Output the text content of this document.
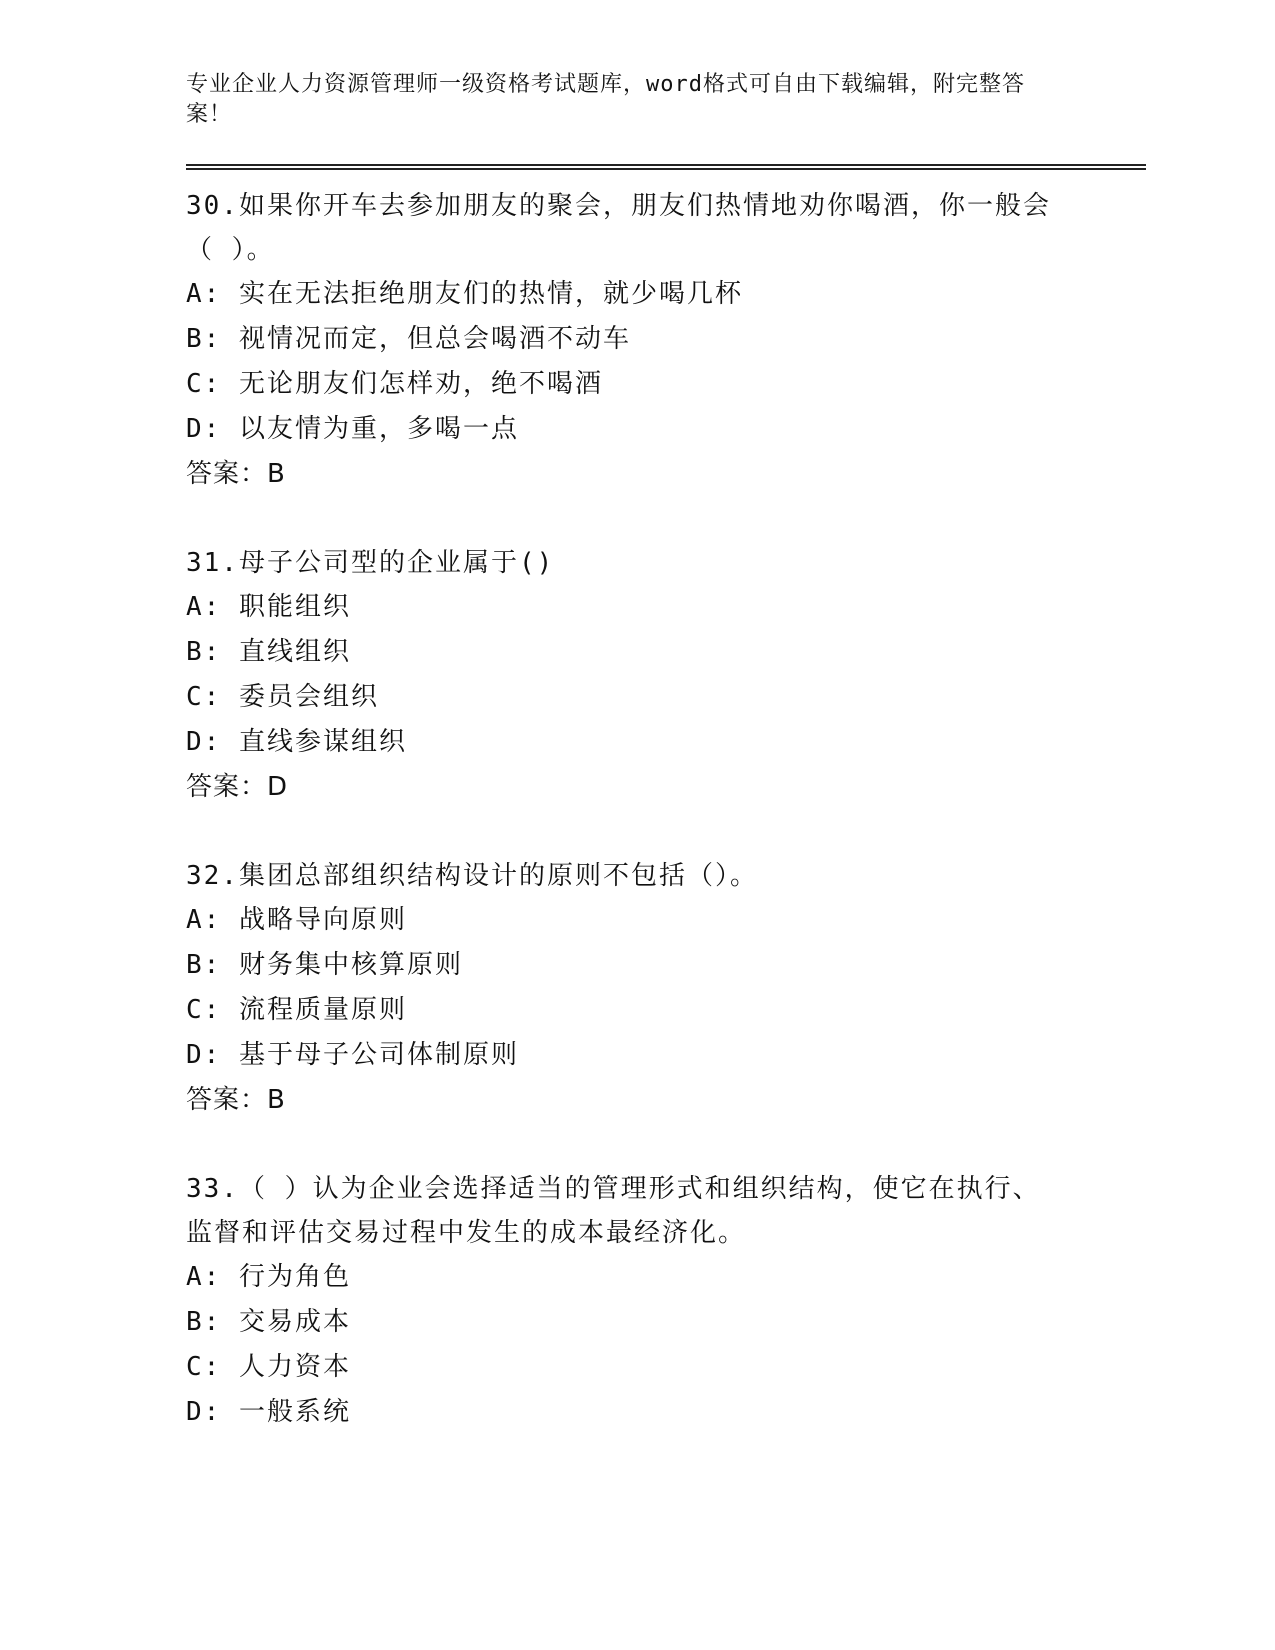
专业企业人力资源管理师一级资格考试题库，word格式可自由下载编辑，附完整答案！
30.如果你开车去参加朋友的聚会，朋友们热情地劝你喝酒，你一般会（ ）。
A: 实在无法拒绝朋友们的热情，就少喝几杯
B: 视情况而定，但总会喝酒不动车
C: 无论朋友们怎样劝，绝不喝酒
D: 以友情为重，多喝一点
答案：B
31.母子公司型的企业属于()
A: 职能组织
B: 直线组织
C: 委员会组织
D: 直线参谋组织
答案：D
32.集团总部组织结构设计的原则不包括（）。
A: 战略导向原则
B: 财务集中核算原则
C: 流程质量原则
D: 基于母子公司体制原则
答案：B
33.（ ）认为企业会选择适当的管理形式和组织结构，使它在执行、监督和评估交易过程中发生的成本最经济化。
A: 行为角色
B: 交易成本
C: 人力资本
D: 一般系统
